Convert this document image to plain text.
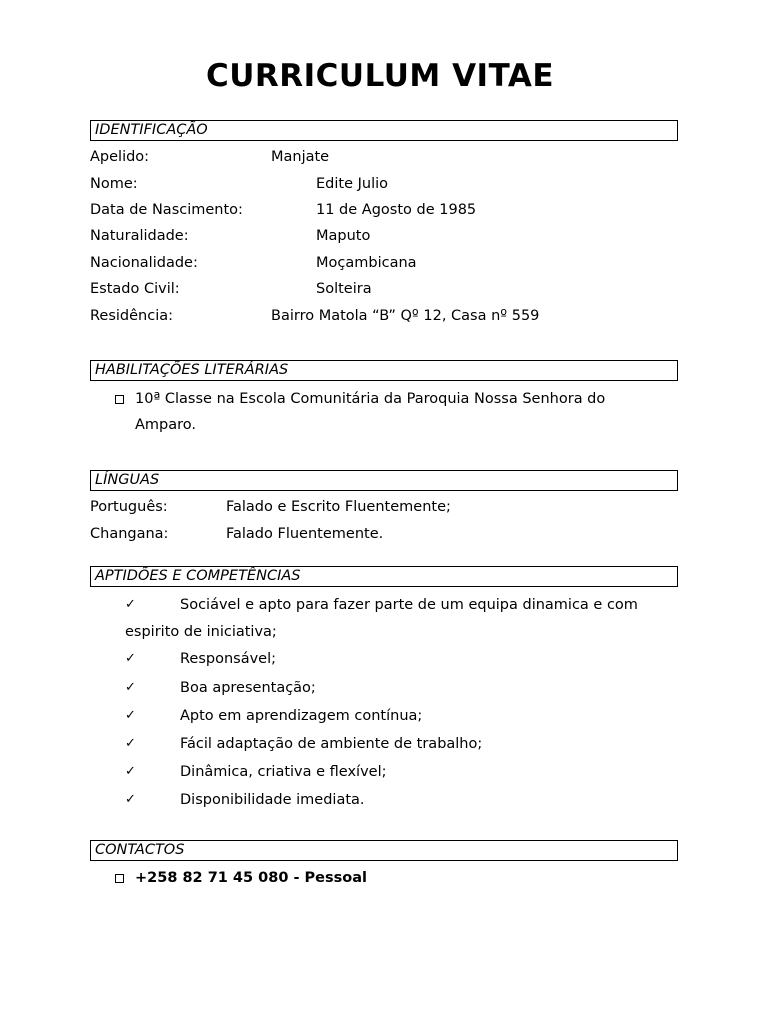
CURRICULUM VITAE
IDENTIFICAÇÃO
Apelido:	Manjate
Nome:	Edite Julio
Data de Nascimento:	11 de Agosto de 1985
Naturalidade:	Maputo
Nacionalidade:	Moçambicana
Estado Civil:	Solteira
Residência:	Bairro Matola “B” Qº 12, Casa nº 559
HABILITAÇÕES LITERÁRIAS
10ª Classe na Escola Comunitária da Paroquia Nossa Senhora do
Amparo.
LÍNGUAS
Português:	Falado e Escrito Fluentemente;
Changana:	Falado Fluentemente.
APTIDÕES E COMPETÊNCIAS
✓	Sociável e apto para fazer parte de um equipa dinamica e com
espirito de iniciativa;
✓	Responsável;
✓	Boa apresentação;
✓	Apto em aprendizagem contínua;
✓	Fácil adaptação de ambiente de trabalho;
✓	Dinâmica, criativa e flexível;
✓	Disponibilidade imediata.
CONTACTOS
+258 82 71 45 080 - Pessoal
